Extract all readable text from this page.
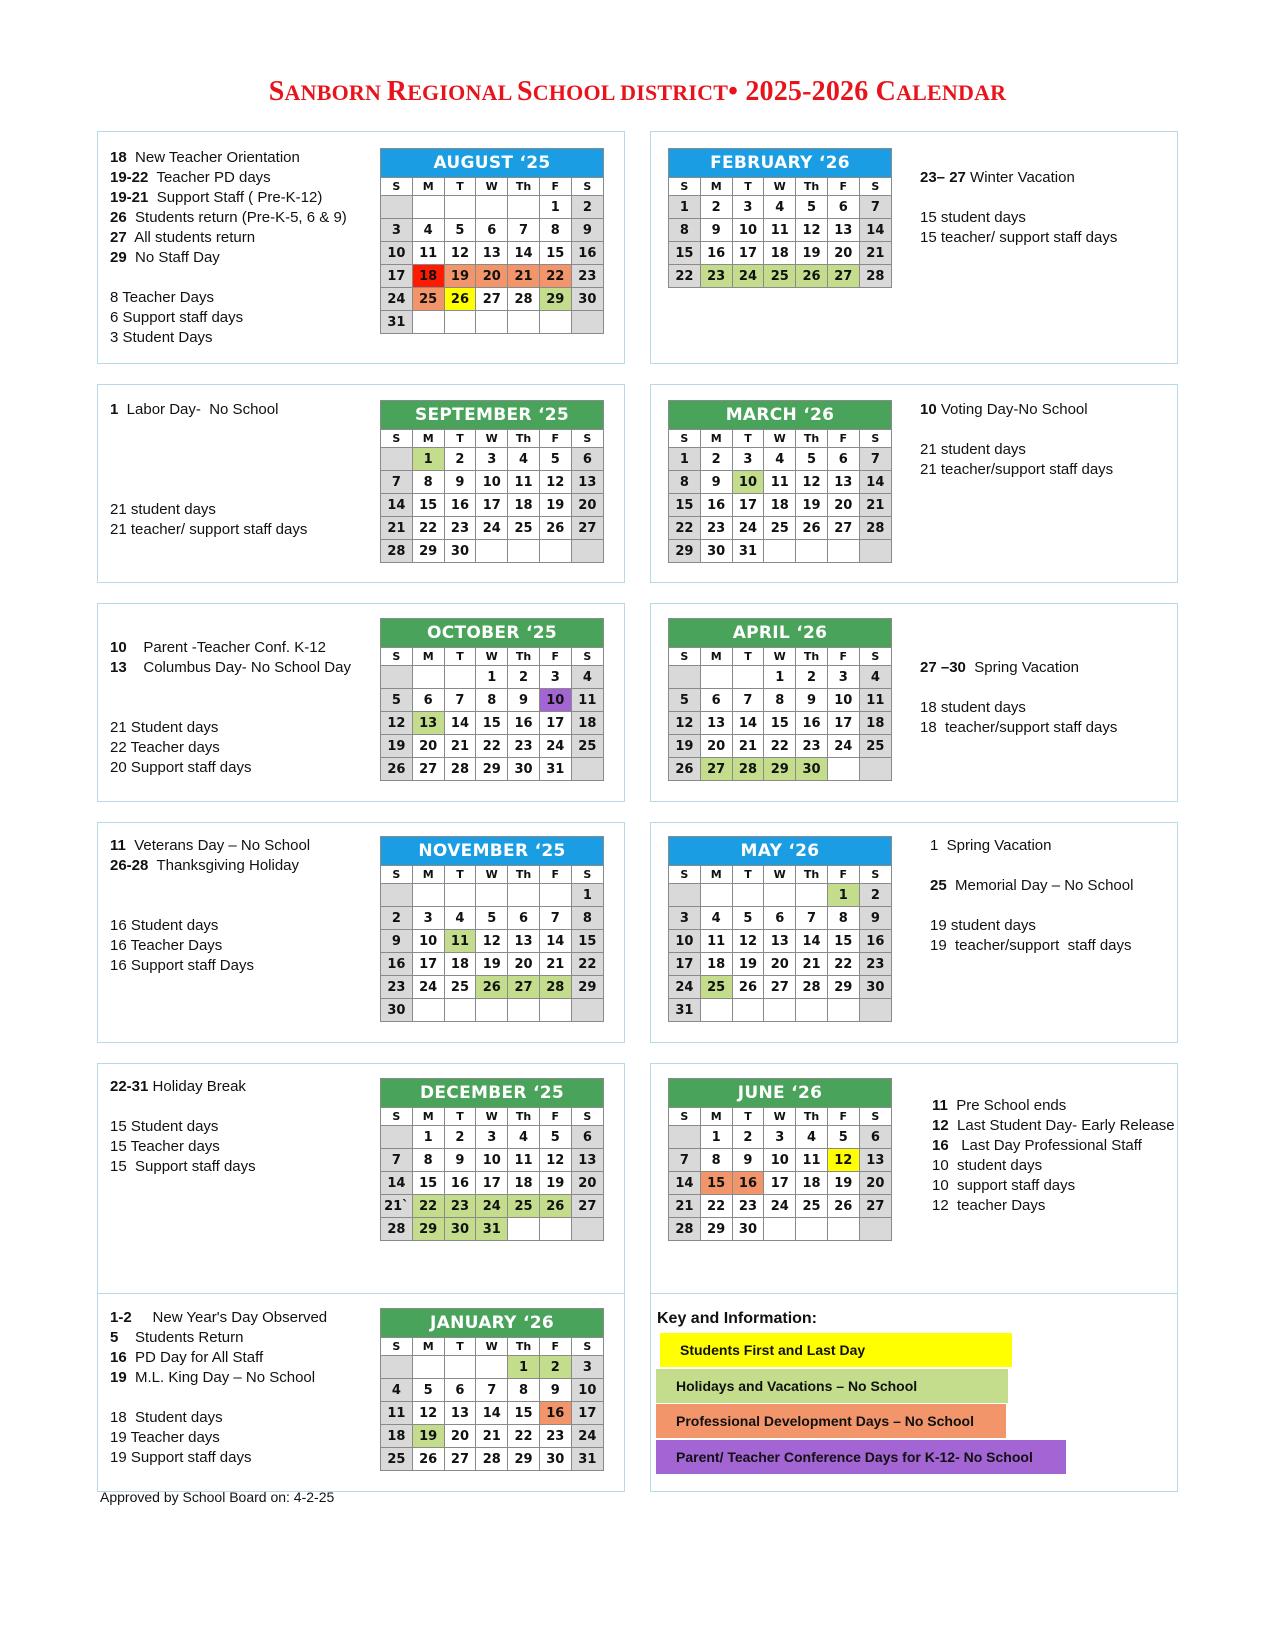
SANBORN REGIONAL SCHOOL DISTRICT• 2025-2026 CALENDAR
18  New Teacher Orientation
19-22  Teacher PD days
19-21  Support Staff ( Pre-K-12)
26  Students return (Pre-K-5, 6 & 9)
27  All students return
29  No Staff Day
8 Teacher Days
6 Support staff days
3 Student Days
1  Labor Day-  No School
21 student days
21 teacher/ support staff days
10    Parent -Teacher Conf. K-12
13    Columbus Day- No School Day
21 Student days
22 Teacher days
20 Support staff days
11  Veterans Day – No School
26-28  Thanksgiving Holiday
16 Student days
16 Teacher Days
16 Support staff Days
22-31 Holiday Break
15 Student days
15 Teacher days
15  Support staff days
1-2     New Year's Day Observed
5    Students Return
16  PD Day for All Staff
19  M.L. King Day – No School
18  Student days
19 Teacher days
19 Support staff days
23– 27 Winter Vacation
15 student days
15 teacher/ support staff days
10 Voting Day-No School
21 student days
21 teacher/support staff days
27 –30  Spring Vacation
18 student days
18  teacher/support staff days
1  Spring Vacation
25  Memorial Day – No School
19 student days
19  teacher/support  staff days
11  Pre School ends
12  Last Student Day- Early Release
16   Last Day Professional Staff
10  student days
10  support staff days
12  teacher Days
AUGUST ‘25						
S	M	T	W	Th	F	S
					1	2
3	4	5	6	7	8	9
10	11	12	13	14	15	16
17	18	19	20	21	22	23
24	25	26	27	28	29	30
31						
SEPTEMBER ‘25						
S	M	T	W	Th	F	S
	1	2	3	4	5	6
7	8	9	10	11	12	13
14	15	16	17	18	19	20
21	22	23	24	25	26	27
28	29	30				
OCTOBER ‘25						
S	M	T	W	Th	F	S
			1	2	3	4
5	6	7	8	9	10	11
12	13	14	15	16	17	18
19	20	21	22	23	24	25
26	27	28	29	30	31	
NOVEMBER ‘25						
S	M	T	W	Th	F	S
						1
2	3	4	5	6	7	8
9	10	11	12	13	14	15
16	17	18	19	20	21	22
23	24	25	26	27	28	29
30						
DECEMBER ‘25						
S	M	T	W	Th	F	S
	1	2	3	4	5	6
7	8	9	10	11	12	13
14	15	16	17	18	19	20
21`	22	23	24	25	26	27
28	29	30	31			
JANUARY ‘26						
S	M	T	W	Th	F	S
				1	2	3
4	5	6	7	8	9	10
11	12	13	14	15	16	17
18	19	20	21	22	23	24
25	26	27	28	29	30	31
FEBRUARY ‘26						
S	M	T	W	Th	F	S
1	2	3	4	5	6	7
8	9	10	11	12	13	14
15	16	17	18	19	20	21
22	23	24	25	26	27	28
MARCH ‘26						
S	M	T	W	Th	F	S
1	2	3	4	5	6	7
8	9	10	11	12	13	14
15	16	17	18	19	20	21
22	23	24	25	26	27	28
29	30	31				
APRIL ‘26						
S	M	T	W	Th	F	S
			1	2	3	4
5	6	7	8	9	10	11
12	13	14	15	16	17	18
19	20	21	22	23	24	25
26	27	28	29	30		
MAY ‘26						
S	M	T	W	Th	F	S
					1	2
3	4	5	6	7	8	9
10	11	12	13	14	15	16
17	18	19	20	21	22	23
24	25	26	27	28	29	30
31						
JUNE ‘26						
S	M	T	W	Th	F	S
	1	2	3	4	5	6
7	8	9	10	11	12	13
14	15	16	17	18	19	20
21	22	23	24	25	26	27
28	29	30				
Key and Information:
Students First and Last Day
Holidays and Vacations – No School
Professional Development Days – No School
Parent/ Teacher Conference Days for K-12- No School
Approved by School Board on: 4-2-25
